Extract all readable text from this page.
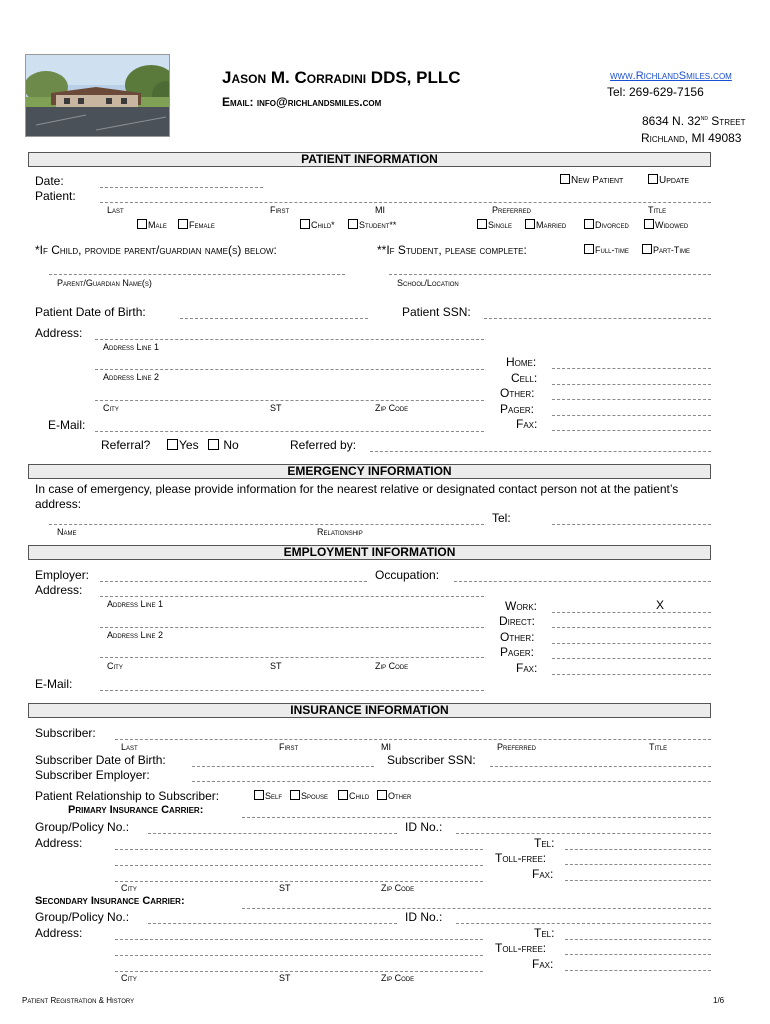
Jason M. Corradini DDS, PLLC
Email: info@richlandsmiles.com
www.RichlandSmiles.com
Tel: 269-629-7156
8634 N. 32nd Street
Richland, MI 49083
PATIENT INFORMATION
Date:	New Patient	Update
Patient:
Last	First	MI	Preferred	Title
Male	Female	Child*	Student**	Single	Married	Divorced	Widowed
*If Child, provide parent/guardian name(s) below:	**If Student, please complete:	Full-time	Part-Time
Parent/Guardian Name(s)	School/Location
Patient Date of Birth:	Patient SSN:
Address:
Address Line 1
Address Line 2
City	ST	Zip Code
Home:
Cell:
Other:
Pager:
Fax:
E-Mail:
Referral?	Yes	No	Referred by:
EMERGENCY INFORMATION
In case of emergency, please provide information for the nearest relative or designated contact person not at the patient’s address:
Tel:
Name	Relationship
EMPLOYMENT INFORMATION
Employer:	Occupation:
Address:
Address Line 1
Address Line 2
City	ST	Zip Code
Work:	X
Direct:
Other:
Pager:
Fax:
E-Mail:
INSURANCE INFORMATION
Subscriber:
Last	First	MI	Preferred	Title
Subscriber Date of Birth:	Subscriber SSN:
Subscriber Employer:
Patient Relationship to Subscriber:	Self	Spouse	Child	Other
Primary Insurance Carrier:
Group/Policy No.:	ID No.:
Address:	Tel:
Toll-free:
Fax:
City	ST	Zip Code
Secondary Insurance Carrier:
Group/Policy No.:	ID No.:
Address:	Tel:
Toll-free:
Fax:
City	ST	Zip Code
Patient Registration & History	1/6
